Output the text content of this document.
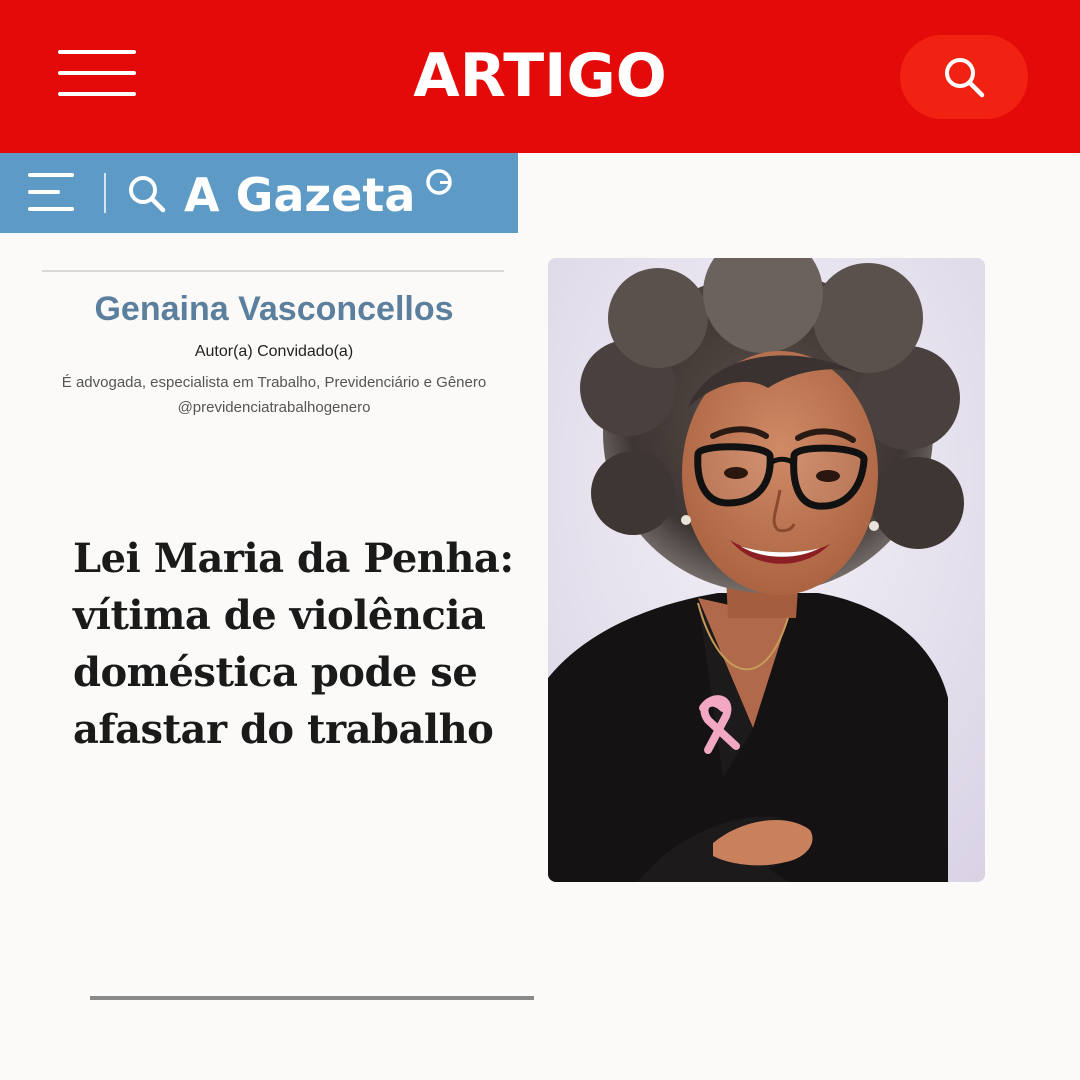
ARTIGO
A Gazeta
Genaina Vasconcellos
Autor(a) Convidado(a)
É advogada, especialista em Trabalho, Previdenciário e Gênero
@previdenciatrabalhogenero
Lei Maria da Penha:
vítima de violência
doméstica pode se
afastar do trabalho
